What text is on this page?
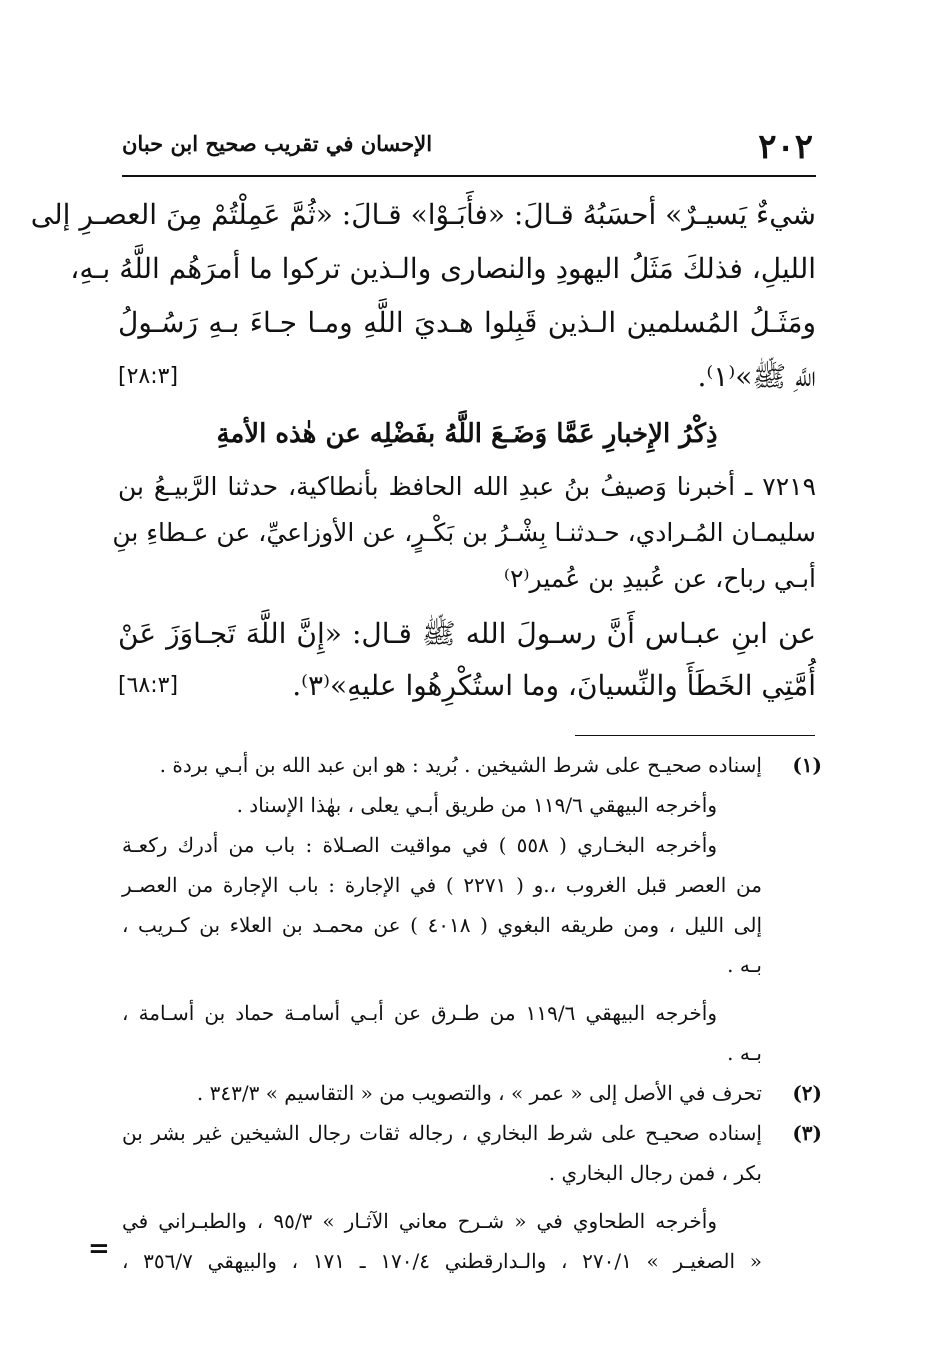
٢٠٢
الإحسان في تقريب صحيح ابن حبان
شيءٌ يَسيـرٌ» أحسَبُهُ قـالَ: «فأَبَـوْا» قـالَ: «ثُمَّ عَمِلْتُمْ مِنَ العصـرِ إلى
الليلِ، فذلكَ مَثَلُ اليهودِ والنصارى والـذين تركوا ما أمرَهُم اللَّهُ بـهِ،
ومَثَـلُ المُسلمين الـذين قَبِلوا هـديَ اللَّهِ ومـا جـاءَ بـهِ رَسُـولُ
اللَّهِ ﷺ»⁽١⁾.
[٢٨:٣]
ذِكْرُ الإِخبارِ عَمَّا وَضَـعَ اللَّهُ بفَضْلِه عن هٰذه الأمةِ
٧٢١٩ ـ أخبرنا وَصيفُ بنُ عبدِ الله الحافظ بأنطاكية، حدثنا الرَّبيـعُ بن
سليمـان المُـرادي، حـدثنـا بِشْـرُ بن بَكْـرٍ، عن الأوزاعيِّ، عن عـطاءِ بنِ
أبـي رباح، عن عُبيدِ بن عُمير⁽٢⁾
عن ابنِ عبـاس أَنَّ رسـولَ الله ﷺ قـال: «إِنَّ اللَّهَ تَجـاوَزَ عَنْ
أُمَّتِي الخَطَأَ والنِّسيانَ، وما استُكْرِهُوا عليهِ»⁽٣⁾.
[٦٨:٣]
(١)
إسناده صحيـح على شرط الشيخين . بُريد : هو ابن عبد الله بن أبـي بردة .
وأخرجه البيهقي ١١٩/٦ من طريق أبـي يعلى ، بهٰذا الإسناد .
وأخرجه البخـاري ( ٥٥٨ ) في مواقيت الصـلاة : باب من أدرك ركعـة
من العصر قبل الغروب ،.و ( ٢٢٧١ ) في الإجارة : باب الإجارة من العصـر
إلى الليل ، ومن طريقه البغوي ( ٤٠١٨ ) عن محمـد بن العلاء بن كـريب ،
بـه .
وأخرجه البيهقي ١١٩/٦ من طـرق عن أبـي أسامـة حماد بن أسـامة ،
بـه .
(٢)
تحرف في الأصل إلى « عمر » ، والتصويب من « التقاسيم » ٣٤٣/٣ .
(٣)
إسناده صحيـح على شرط البخاري ، رجاله ثقات رجال الشيخين غير بشر بن
بكر ، فمن رجال البخاري .
وأخرجه الطحاوي في « شـرح معاني الآثـار » ٩٥/٣ ، والطبـراني في
« الصغيـر » ٢٧٠/١ ، والـدارقطني ١٧٠/٤ ـ ١٧١ ، والبيهقي ٣٥٦/٧ ،
=
